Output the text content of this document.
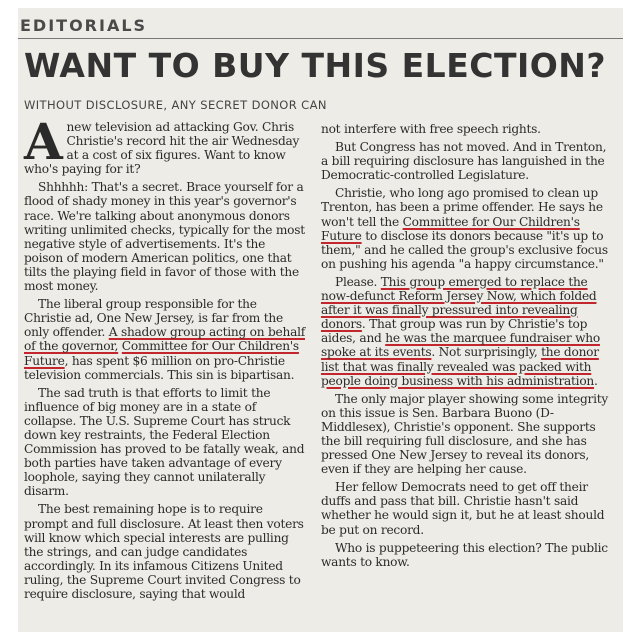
EDITORIALS
WANT TO BUY THIS ELECTION?
WITHOUT DISCLOSURE, ANY SECRET DONOR CAN

Anew television ad attacking Gov. Chris Christie's record hit the air Wednesday at a cost of six figures. Want to know who's paying for it?

Shhhhh: That's a secret. Brace yourself for a flood of shady money in this year's governor's race. We're talking about anonymous donors writing unlimited checks, typically for the most negative style of advertisements. It's the poison of modern American politics, one that tilts the playing field in favor of those with the most money.

The liberal group responsible for the Christie ad, One New Jersey, is far from the only offender. A shadow group acting on behalf of the governor, Committee for Our Children's Future, has spent $6 million on pro-Christie television commercials. This sin is bipartisan.

The sad truth is that efforts to limit the influence of big money are in a state of collapse. The U.S. Supreme Court has struck down key restraints, the Federal Election Commission has proved to be fatally weak, and both parties have taken advantage of every loophole, saying they cannot unilaterally disarm.

The best remaining hope is to require prompt and full disclosure. At least then voters will know which special interests are pulling the strings, and can judge candidates accordingly. In its infamous Citizens United ruling, the Supreme Court invited Congress to require disclosure, saying that would

not interfere with free speech rights.

But Congress has not moved. And in Trenton, a bill requiring disclosure has languished in the Democratic-controlled Legislature.

Christie, who long ago promised to clean up Trenton, has been a prime offender. He says he won't tell the Committee for Our Children's Future to disclose its donors because "it's up to them," and he called the group's exclusive focus on pushing his agenda "a happy circumstance."

Please. This group emerged to replace the now-defunct Reform Jersey Now, which folded after it was finally pressured into revealing donors. That group was run by Christie's top aides, and he was the marquee fundraiser who spoke at its events. Not surprisingly, the donor list that was finally revealed was packed with people doing business with his administration.

The only major player showing some integrity on this issue is Sen. Barbara Buono (D-Middlesex), Christie's opponent. She supports the bill requiring full disclosure, and she has pressed One New Jersey to reveal its donors, even if they are helping her cause.

Her fellow Democrats need to get off their duffs and pass that bill. Christie hasn't said whether he would sign it, but he at least should be put on record.

Who is puppeteering this election? The public wants to know.
